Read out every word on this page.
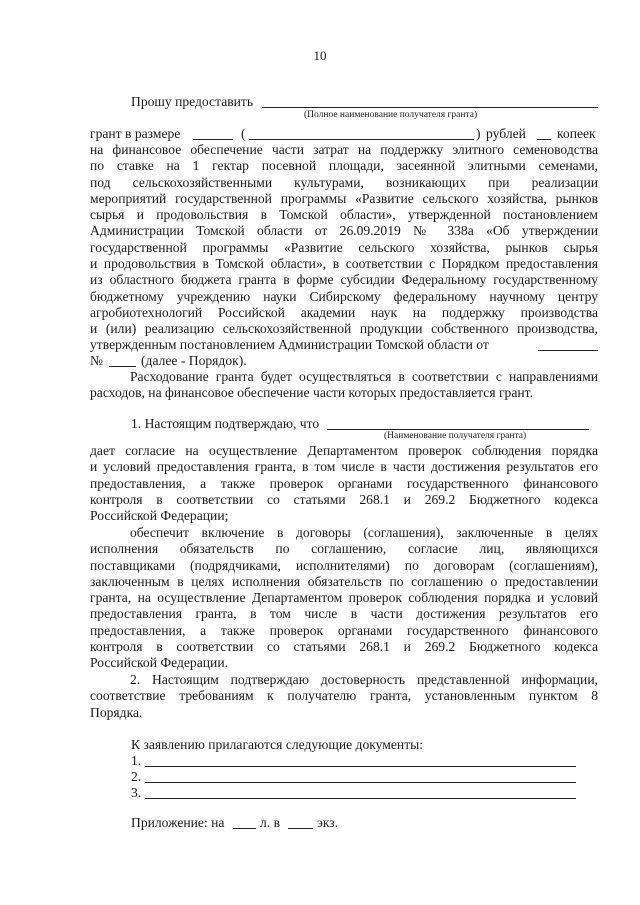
10
Прошу предоставить
(Полное наименование получателя гранта)
грант в размере	(	) рублей копеек
на финансовое обеспечение части затрат на поддержку элитного семеноводства
по ставке на 1 гектар посевной площади, засеянной элитными семенами,
под сельскохозяйственными культурами, возникающих при реализации
мероприятий государственной программы «Развитие сельского хозяйства, рынков
сырья и продовольствия в Томской области», утвержденной постановлением
Администрации Томской области от 26.09.2019 № 338а «Об утверждении
государственной программы «Развитие сельского хозяйства, рынков сырья
и продовольствия в Томской области», в соответствии с Порядком предоставления
из областного бюджета гранта в форме субсидии Федеральному государственному
бюджетному учреждению науки Сибирскому федеральному научному центру
агробиотехнологий Российской академии наук на поддержку производства
и (или) реализацию сельскохозяйственной продукции собственного производства,
утвержденным постановлением Администрации Томской области от
№	(далее - Порядок).
Расходование гранта будет осуществляться в соответствии с направлениями
расходов, на финансовое обеспечение части которых предоставляется грант.
1. Настоящим подтверждаю, что
(Наименование получателя гранта)
дает согласие на осуществление Департаментом проверок соблюдения порядка
и условий предоставления гранта, в том числе в части достижения результатов его
предоставления, а также проверок органами государственного финансового
контроля в соответствии со статьями 268.1 и 269.2 Бюджетного кодекса
Российской Федерации;
обеспечит включение в договоры (соглашения), заключенные в целях
исполнения обязательств по соглашению, согласие лиц, являющихся
поставщиками (подрядчиками, исполнителями) по договорам (соглашениям),
заключенным в целях исполнения обязательств по соглашению о предоставлении
гранта, на осуществление Департаментом проверок соблюдения порядка и условий
предоставления гранта, в том числе в части достижения результатов его
предоставления, а также проверок органами государственного финансового
контроля в соответствии со статьями 268.1 и 269.2 Бюджетного кодекса
Российской Федерации.
2. Настоящим подтверждаю достоверность представленной информации,
соответствие требованиям к получателю гранта, установленным пунктом 8
Порядка.
К заявлению прилагаются следующие документы:
1.
2.
3.
Приложение: на	л. в	экз.
